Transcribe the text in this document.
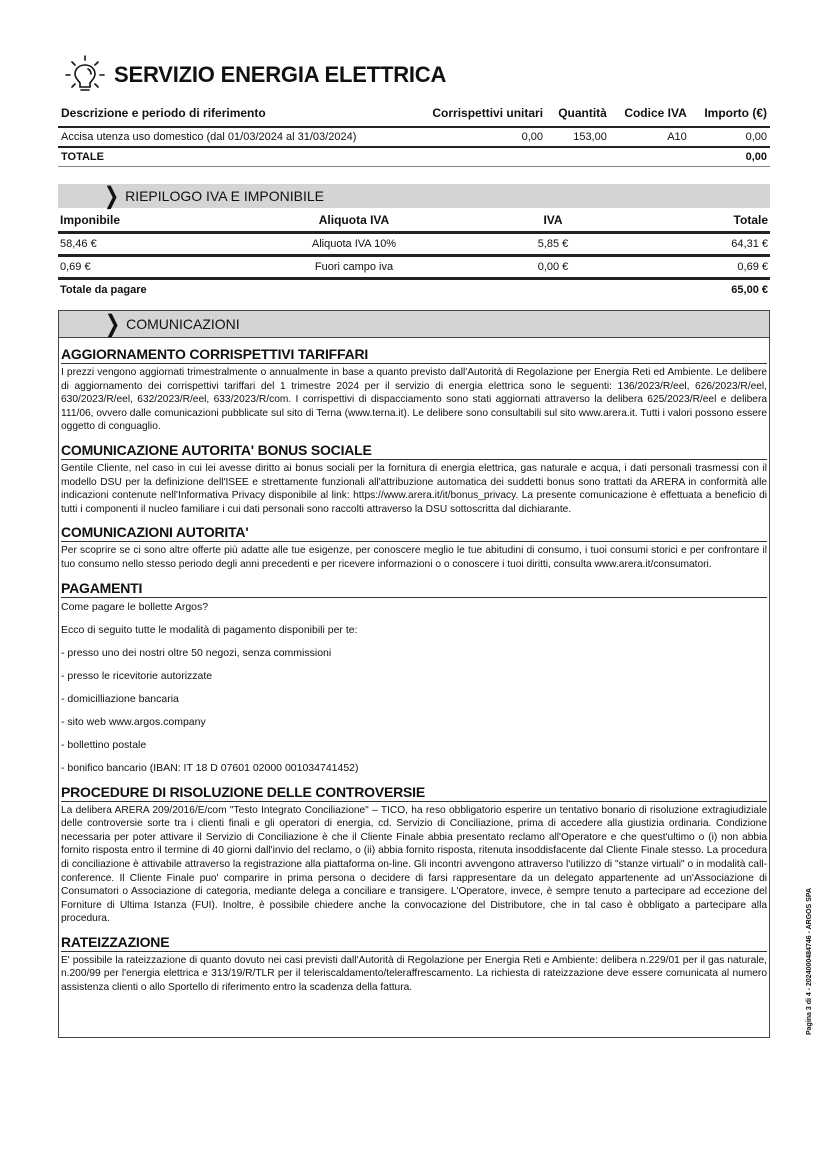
SERVIZIO ENERGIA ELETTRICA
Descrizione e periodo di riferimento	Corrispettivi unitari	Quantità	Codice IVA	Importo (€)
Accisa utenza uso domestico (dal 01/03/2024 al 31/03/2024)	0,00	153,00	A10	0,00
TOTALE				0,00
❯ RIEPILOGO IVA E IMPONIBILE
Imponibile	Aliquota IVA	IVA	Totale
58,46 €	Aliquota IVA 10%	5,85 €	64,31 €
0,69 €	Fuori campo iva	0,00 €	0,69 €
Totale da pagare			65,00 €
❯ COMUNICAZIONI
AGGIORNAMENTO CORRISPETTIVI TARIFFARI

I prezzi vengono aggiornati trimestralmente o annualmente in base a quanto previsto dall'Autorità di Regolazione per Energia Reti ed Ambiente. Le delibere di aggiornamento dei corrispettivi tariffari del 1 trimestre 2024 per il servizio di energia elettrica sono le seguenti: 136/2023/R/eel, 626/2023/R/eel, 630/2023/R/eel, 632/2023/R/eel, 633/2023/R/com. I corrispettivi di dispacciamento sono stati aggiornati attraverso la delibera 625/2023/R/eel e delibera 111/06, ovvero dalle comunicazioni pubblicate sul sito di Terna (www.terna.it). Le delibere sono consultabili sul sito www.arera.it. Tutti i valori possono essere oggetto di conguaglio.

COMUNICAZIONE AUTORITA' BONUS SOCIALE

Gentile Cliente, nel caso in cui lei avesse diritto ai bonus sociali per la fornitura di energia elettrica, gas naturale e acqua, i dati personali trasmessi con il modello DSU per la definizione dell'ISEE e strettamente funzionali all'attribuzione automatica dei suddetti bonus sono trattati da ARERA in conformità alle indicazioni contenute nell'Informativa Privacy disponibile al link: https://www.arera.it/it/bonus_privacy. La presente comunicazione è effettuata a beneficio di tutti i componenti il nucleo familiare i cui dati personali sono raccolti attraverso la DSU sottoscritta dal dichiarante.

COMUNICAZIONI AUTORITA'

Per scoprire se ci sono altre offerte più adatte alle tue esigenze, per conoscere meglio le tue abitudini di consumo, i tuoi consumi storici e per confrontare il tuo consumo nello stesso periodo degli anni precedenti e per ricevere informazioni o o conoscere i tuoi diritti, consulta www.arera.it/consumatori.

PAGAMENTI

Come pagare le bollette Argos?

Ecco di seguito tutte le modalità di pagamento disponibili per te:

- presso uno dei nostri oltre 50 negozi, senza commissioni

- presso le ricevitorie autorizzate

- domicilliazione bancaria

- sito web www.argos.company

- bollettino postale

- bonifico bancario (IBAN: IT 18 D 07601 02000 001034741452)

PROCEDURE DI RISOLUZIONE DELLE CONTROVERSIE

La delibera ARERA 209/2016/E/com "Testo Integrato Conciliazione" – TICO, ha reso obbligatorio esperire un tentativo bonario di risoluzione extragiudiziale delle controversie sorte tra i clienti finali e gli operatori di energia, cd. Servizio di Conciliazione, prima di accedere alla giustizia ordinaria. Condizione necessaria per poter attivare il Servizio di Conciliazione è che il Cliente Finale abbia presentato reclamo all'Operatore e che quest'ultimo o (i) non abbia fornito risposta entro il termine di 40 giorni dall'invio del reclamo, o (ii) abbia fornito risposta, ritenuta insoddisfacente dal Cliente Finale stesso. La procedura di conciliazione è attivabile attraverso la registrazione alla piattaforma on-line. Gli incontri avvengono attraverso l'utilizzo di "stanze virtuali" o in modalità call-conference. Il Cliente Finale puo' comparire in prima persona o decidere di farsi rappresentare da un delegato appartenente ad un'Associazione di Consumatori o Associazione di categoria, mediante delega a conciliare e transigere. L'Operatore, invece, è sempre tenuto a partecipare ad eccezione del Forniture di Ultima Istanza (FUI). Inoltre, è possibile chiedere anche la convocazione del Distributore, che in tal caso è obbligato a partecipare alla procedura.

RATEIZZAZIONE

E' possibile la rateizzazione di quanto dovuto nei casi previsti dall'Autorità di Regolazione per Energia Reti e Ambiente: delibera n.229/01 per il gas naturale, n.200/99 per l'energia elettrica e 313/19/R/TLR per il teleriscaldamento/teleraffrescamento. La richiesta di rateizzazione deve essere comunicata al numero assistenza clienti o allo Sportello di riferimento entro la scadenza della fattura.	Pagina 3 di 4 - 2024000484746 - ARGOS SPA
